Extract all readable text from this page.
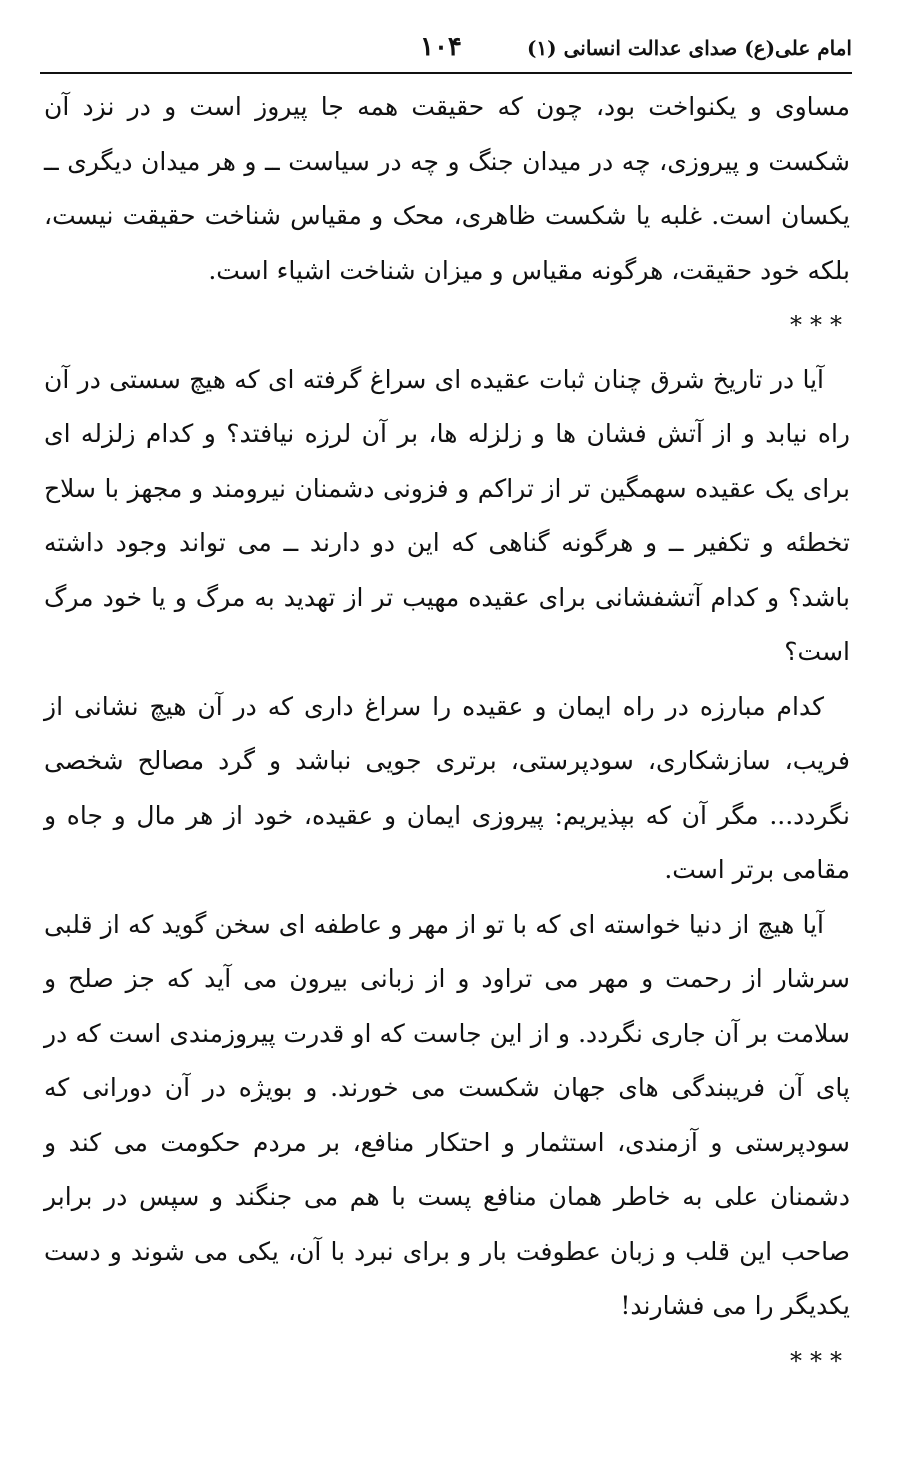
امام علی(ع) صدای عدالت انسانی (۱)
۱۰۴

مساوی و یکنواخت بود، چون که حقیقت همه جا پیروز است و در نزد آن شکست و پیروزی، چه در میدان جنگ و چه در سیاست ــ و هر میدان دیگری ــ یکسان است. غلبه یا شکست ظاهری، محک و مقیاس شناخت حقیقت نیست، بلکه خود حقیقت، هرگونه مقیاس و میزان شناخت اشیاء است.

***

آیا در تاریخ شرق چنان ثبات عقیده ای سراغ گرفته ای که هیچ سستی در آن راه نیابد و از آتش فشان ها و زلزله ها، بر آن لرزه نیافتد؟ و کدام زلزله ای برای یک عقیده سهمگین تر از تراکم و فزونی دشمنان نیرومند و مجهز با سلاح تخطئه و تکفیر ــ و هرگونه گناهی که این دو دارند ــ می تواند وجود داشته باشد؟ و کدام آتشفشانی برای عقیده مهیب تر از تهدید به مرگ و یا خود مرگ است؟

کدام مبارزه در راه ایمان و عقیده را سراغ داری که در آن هیچ نشانی از فریب، سازشکاری، سودپرستی، برتری جویی نباشد و گرد مصالح شخصی نگردد... مگر آن که بپذیریم: پیروزی ایمان و عقیده، خود از هر مال و جاه و مقامی برتر است.

آیا هیچ از دنیا خواسته ای که با تو از مهر و عاطفه ای سخن گوید که از قلبی سرشار از رحمت و مهر می تراود و از زبانی بیرون می آید که جز صلح و سلامت بر آن جاری نگردد. و از این جاست که او قدرت پیروزمندی است که در پای آن فریبندگی های جهان شکست می خورند. و بویژه در آن دورانی که سودپرستی و آزمندی، استثمار و احتکار منافع، بر مردم حکومت می کند و دشمنان علی به خاطر همان منافع پست با هم می جنگند و سپس در برابر صاحب این قلب و زبان عطوفت بار و برای نبرد با آن، یکی می شوند و دست یکدیگر را می فشارند!

***
